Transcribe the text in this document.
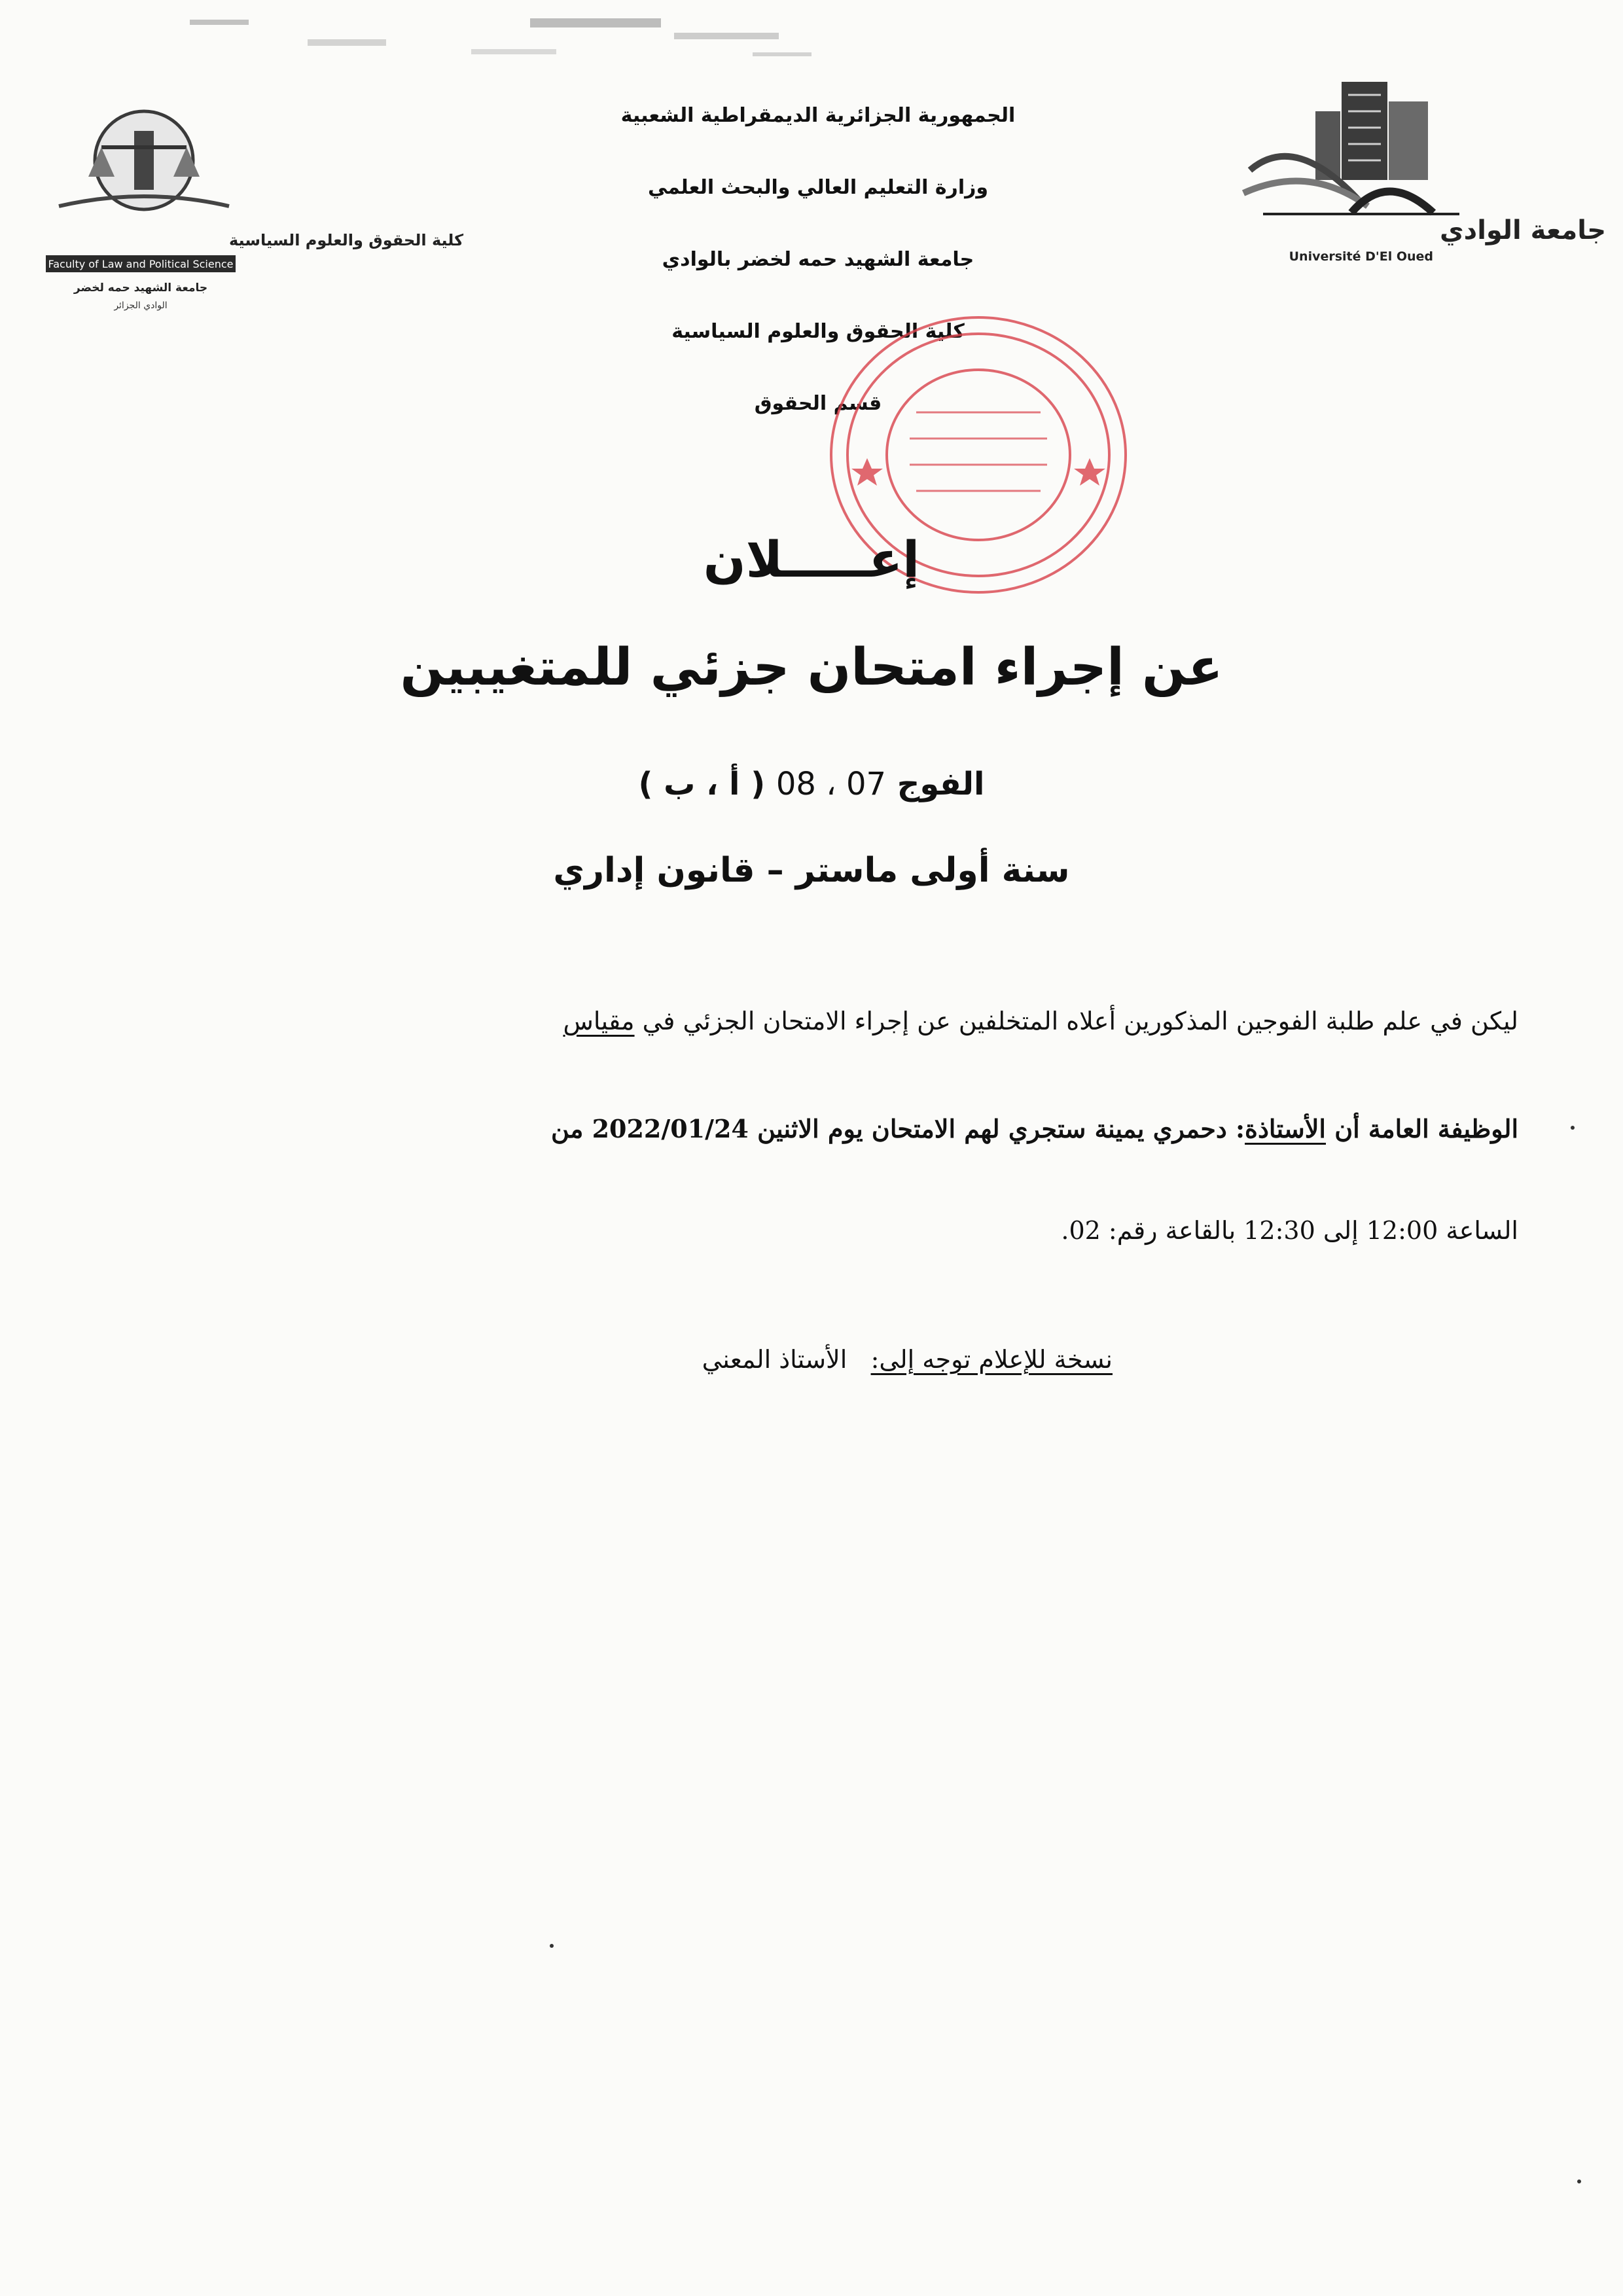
الجمهورية الجزائرية الديمقراطية الشعبية
وزارة التعليم العالي والبحث العلمي
جامعة الشهيد حمه لخضر بالوادي
كلية الحقوق والعلوم السياسية
قسم الحقوق
جامعة الوادي
Université D'El Oued
كلية الحقوق والعلوم السياسية
Faculty of Law and Political Science
جامعة الشهيد حمه لخضر
الوادي الجزائر
إعـــــلان
عن إجراء امتحان جزئي للمتغيبين
الفوج 07 ، 08 ( أ ، ب )
سنة أولى ماستر – قانون إداري
ليكن في علم طلبة الفوجين المذكورين أعلاه المتخلفين عن إجراء الامتحان الجزئي في مقياس
الوظيفة العامة أن الأستاذة: دحمري يمينة ستجري لهم الامتحان يوم الاثنين 2022/01/24 من
الساعة 12:00 إلى 12:30 بالقاعة رقم: 02.
نسخة للإعلام توجه إلى:   الأستاذ المعني
